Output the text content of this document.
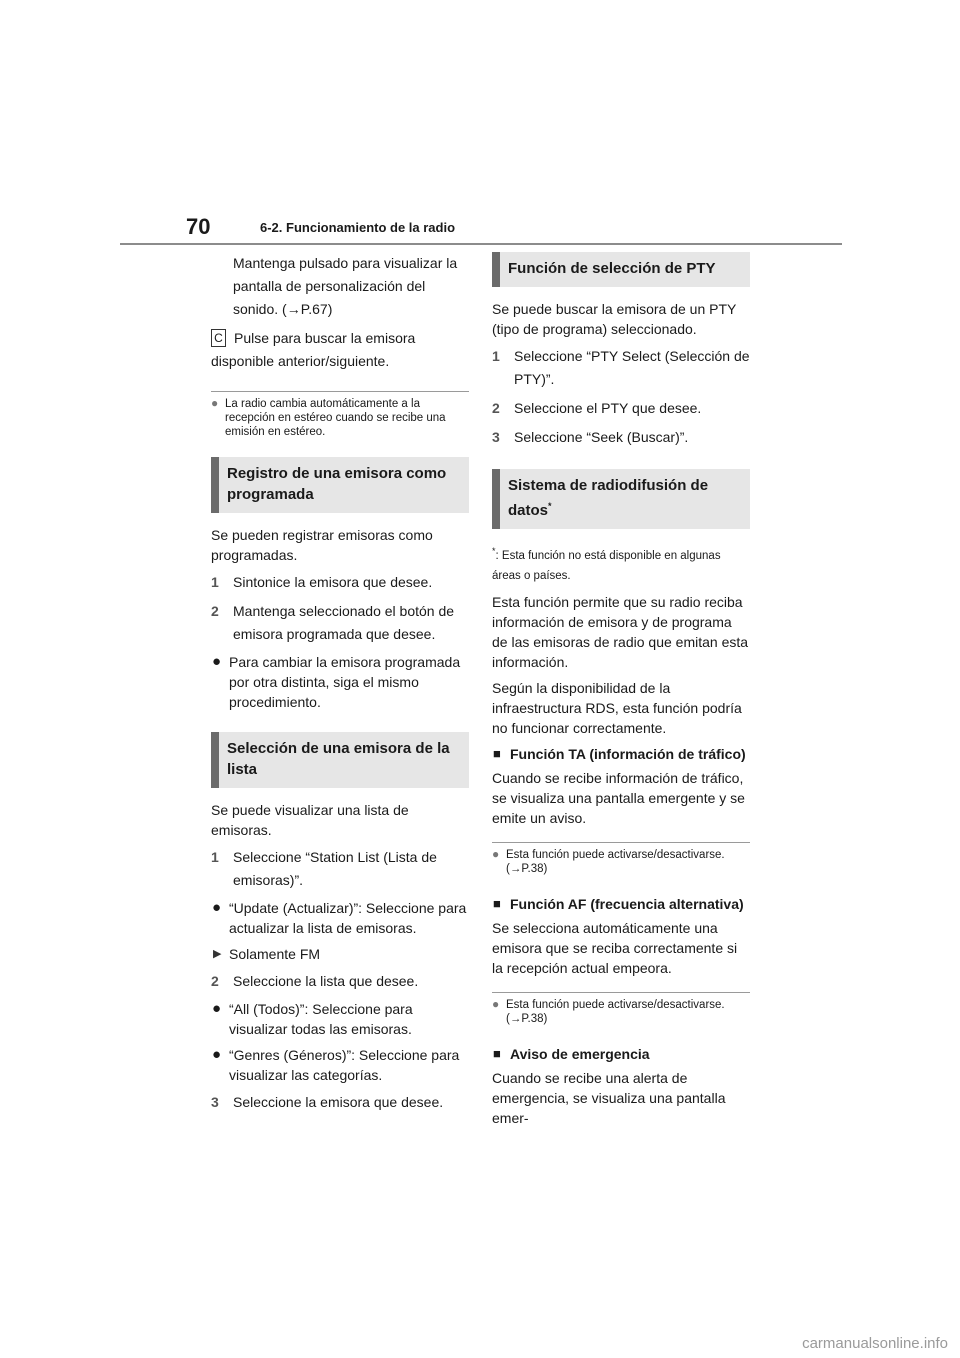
70	6-2. Funcionamiento de la radio

Mantenga pulsado para visualizar la pantalla de personalización del sonido. (→P.67)

C Pulse para buscar la emisora disponible anterior/siguiente.

● La radio cambia automáticamente a la recepción en estéreo cuando se recibe una emisión en estéreo.
Registro de una emisora como programada

Se pueden registrar emisoras como programadas.

1 Sintonice la emisora que desee.
2 Mantenga seleccionado el botón de emisora programada que desee.
● Para cambiar la emisora programada por otra distinta, siga el mismo procedimiento.
Selección de una emisora de la lista

Se puede visualizar una lista de emisoras.

1 Seleccione “Station List (Lista de emisoras)”.
● “Update (Actualizar)”: Seleccione para actualizar la lista de emisoras.
▶ Solamente FM
2 Seleccione la lista que desee.
● “All (Todos)”: Seleccione para visualizar todas las emisoras.
● “Genres (Géneros)”: Seleccione para visualizar las categorías.
3 Seleccione la emisora que desee.
Función de selección de PTY

Se puede buscar la emisora de un PTY (tipo de programa) seleccionado.

1 Seleccione “PTY Select (Selección de PTY)”.
2 Seleccione el PTY que desee.
3 Seleccione “Seek (Buscar)”.
Sistema de radiodifusión de datos*

*: Esta función no está disponible en algunas áreas o países.

Esta función permite que su radio reciba información de emisora y de programa de las emisoras de radio que emitan esta información.

Según la disponibilidad de la infraestructura RDS, esta función podría no funcionar correctamente.

■ Función TA (información de tráfico)

Cuando se recibe información de tráfico, se visualiza una pantalla emergente y se emite un aviso.

● Esta función puede activarse/desactivarse. (→P.38)
■ Función AF (frecuencia alternativa)

Se selecciona automáticamente una emisora que se reciba correctamente si la recepción actual empeora.

● Esta función puede activarse/desactivarse. (→P.38)
■ Aviso de emergencia

Cuando se recibe una alerta de emergencia, se visualiza una pantalla emer-

carmanualsonline.info
